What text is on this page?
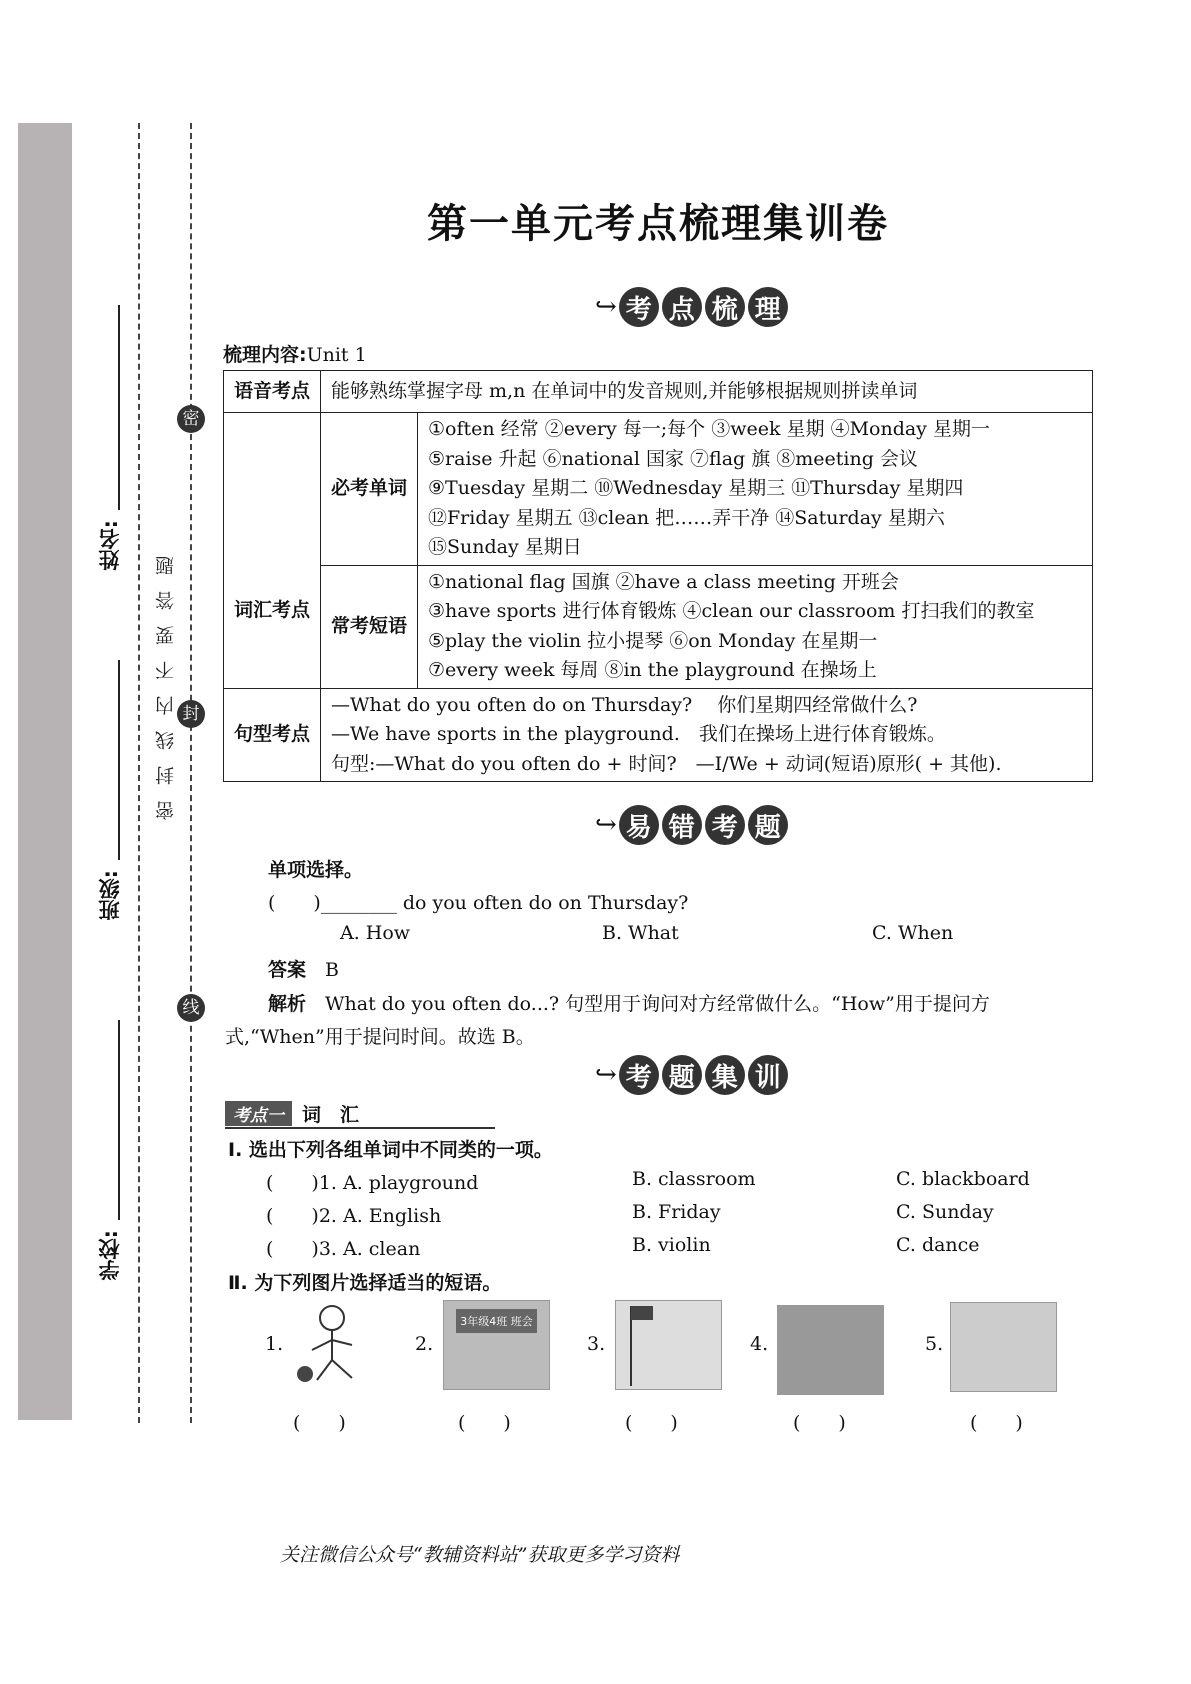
学校:
班级:
姓名: 密封线内不要答题
密
封
线
第一单元考点梳理集训卷
↪ 考 点 梳 理
梳理内容:Unit 1
语音考点	能够熟练掌握字母 m,n 在单词中的发音规则,并能够根据规则拼读单词	
词汇考点	必考单词	①often 经常 ②every 每一;每个 ③week 星期 ④Monday 星期一
⑤raise 升起 ⑥national 国家 ⑦flag 旗 ⑧meeting 会议
⑨Tuesday 星期二 ⑩Wednesday 星期三 ⑪Thursday 星期四
⑫Friday 星期五 ⑬clean 把……弄干净 ⑭Saturday 星期六
⑮Sunday 星期日

	常考短语	①national flag 国旗 ②have a class meeting 开班会
③have sports 进行体育锻炼 ④clean our classroom 打扫我们的教室
⑤play the violin 拉小提琴 ⑥on Monday 在星期一
⑦every week 每周 ⑧in the playground 在操场上

句型考点	—What do you often do on Thursday?　 你们星期四经常做什么?
—We have sports in the playground.　我们在操场上进行体育锻炼。
句型:—What do you often do + 时间?　—I/We + 动词(短语)原形( + 其他).	
↪ 易 错 考 题
单项选择。
(　　)________ do you often do on Thursday?
A. How	B. What	C. When
答案　 B
解析　 What do you often do...? 句型用于询问对方经常做什么。“How”用于提问方式,“When”用于提问时间。故选 B。
↪ 考 题 集 训
考点一 词　汇
Ⅰ. 选出下列各组单词中不同类的一项。
(　　)1. A. playground	B. classroom	C. blackboard
(　　)2. A. English	B. Friday	C. Sunday
(　　)3. A. clean	B. violin	C. dance
Ⅱ. 为下列图片选择适当的短语。
1.	2.
3年级4班 班会
3.	4.	5.
(　　)	(　　)	(　　)	(　　)	(　　)
关注微信公众号“教辅资料站”获取更多学习资料
